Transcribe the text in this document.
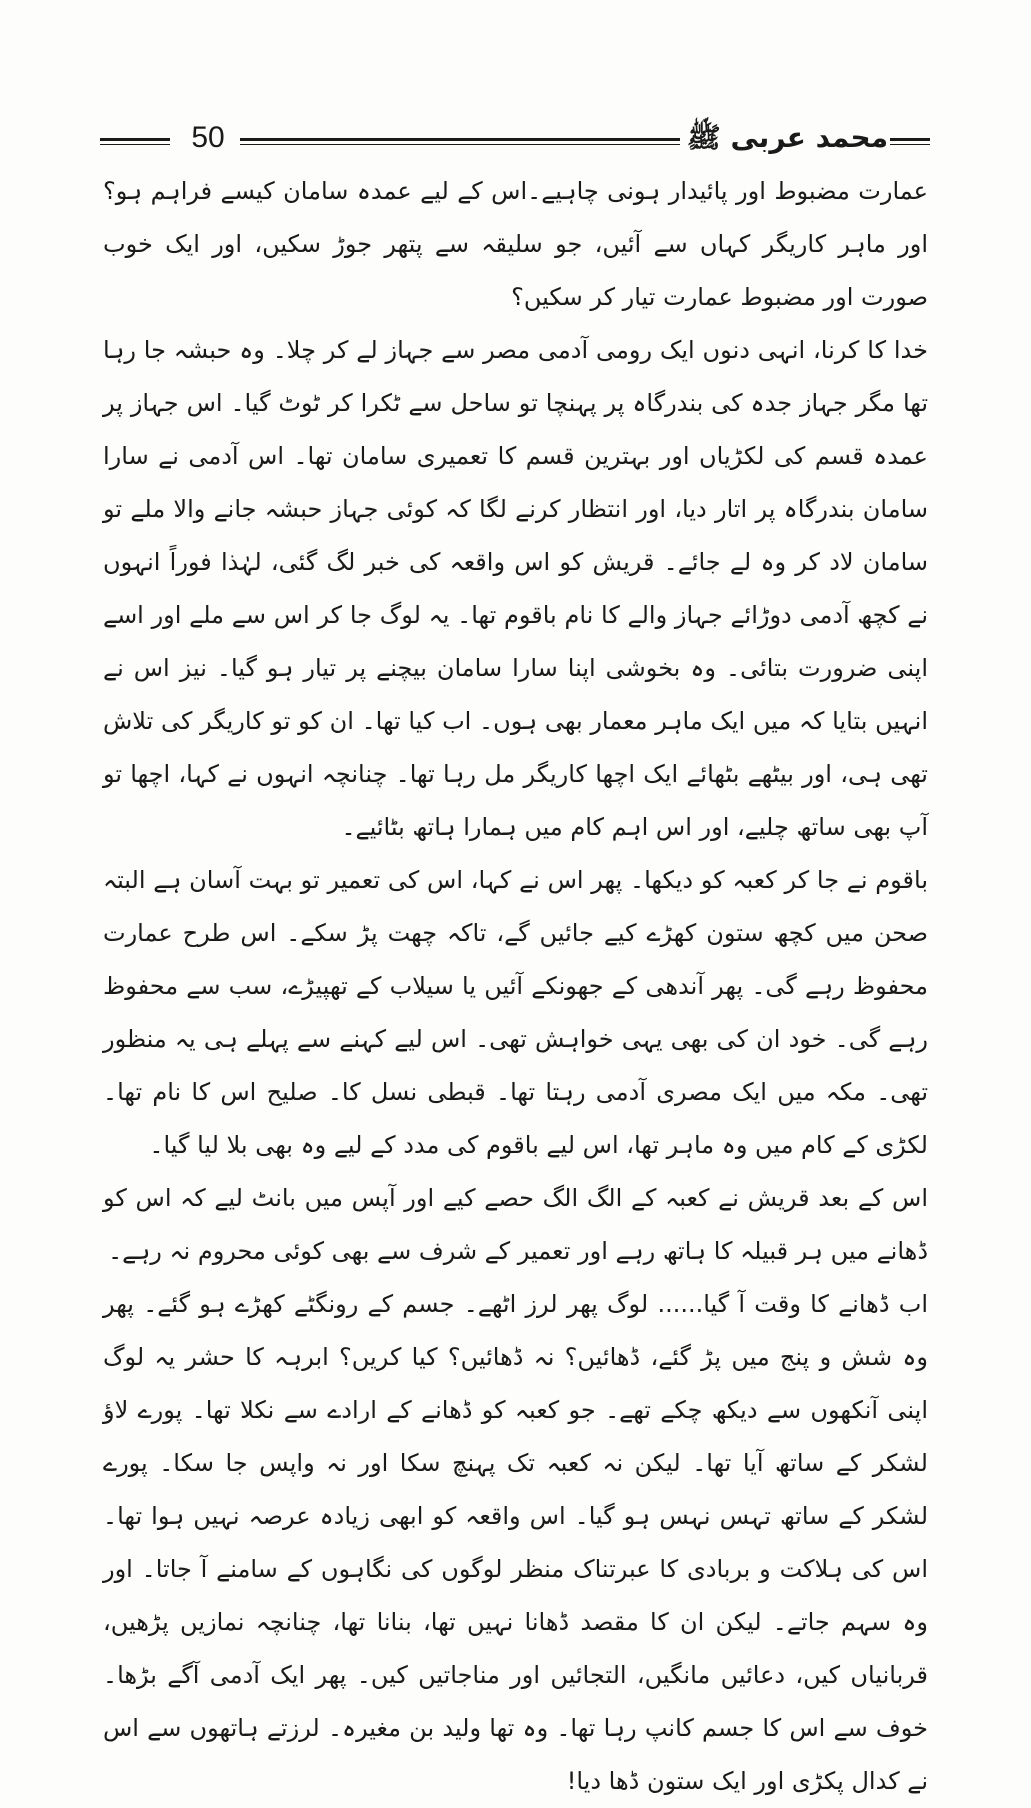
50	محمد عربی ﷺ

عمارت مضبوط اور پائیدار ہونی چاہیے۔اس کے لیے عمدہ سامان کیسے فراہم ہو؟ اور ماہر کاریگر کہاں سے آئیں، جو سلیقہ سے پتھر جوڑ سکیں، اور ایک خوب صورت اور مضبوط عمارت تیار کر سکیں؟

خدا کا کرنا، انہی دنوں ایک رومی آدمی مصر سے جہاز لے کر چلا۔ وہ حبشہ جا رہا تھا مگر جہاز جدہ کی بندرگاہ پر پہنچا تو ساحل سے ٹکرا کر ٹوٹ گیا۔ اس جہاز پر عمدہ قسم کی لکڑیاں اور بہترین قسم کا تعمیری سامان تھا۔ اس آدمی نے سارا سامان بندرگاہ پر اتار دیا، اور انتظار کرنے لگا کہ کوئی جہاز حبشہ جانے والا ملے تو سامان لاد کر وہ لے جائے۔ قریش کو اس واقعہ کی خبر لگ گئی، لہٰذا فوراً انہوں نے کچھ آدمی دوڑائے جہاز والے کا نام باقوم تھا۔ یہ لوگ جا کر اس سے ملے اور اسے اپنی ضرورت بتائی۔ وہ بخوشی اپنا سارا سامان بیچنے پر تیار ہو گیا۔ نیز اس نے انہیں بتایا کہ میں ایک ماہر معمار بھی ہوں۔ اب کیا تھا۔ ان کو تو کاریگر کی تلاش تھی ہی، اور بیٹھے بٹھائے ایک اچھا کاریگر مل رہا تھا۔ چنانچہ انہوں نے کہا، اچھا تو آپ بھی ساتھ چلیے، اور اس اہم کام میں ہمارا ہاتھ بٹائیے۔

باقوم نے جا کر کعبہ کو دیکھا۔ پھر اس نے کہا، اس کی تعمیر تو بہت آسان ہے البتہ صحن میں کچھ ستون کھڑے کیے جائیں گے، تاکہ چھت پڑ سکے۔ اس طرح عمارت محفوظ رہے گی۔ پھر آندھی کے جھونکے آئیں یا سیلاب کے تھپیڑے، سب سے محفوظ رہے گی۔ خود ان کی بھی یہی خواہش تھی۔ اس لیے کہنے سے پہلے ہی یہ منظور تھی۔ مکہ میں ایک مصری آدمی رہتا تھا۔ قبطی نسل کا۔ صلیح اس کا نام تھا۔ لکڑی کے کام میں وہ ماہر تھا، اس لیے باقوم کی مدد کے لیے وہ بھی بلا لیا گیا۔

اس کے بعد قریش نے کعبہ کے الگ الگ حصے کیے اور آپس میں بانٹ لیے کہ اس کو ڈھانے میں ہر قبیلہ کا ہاتھ رہے اور تعمیر کے شرف سے بھی کوئی محروم نہ رہے۔

اب ڈھانے کا وقت آ گیا...... لوگ پھر لرز اٹھے۔ جسم کے رونگٹے کھڑے ہو گئے۔ پھر وہ شش و پنج میں پڑ گئے، ڈھائیں؟ نہ ڈھائیں؟ کیا کریں؟ ابرہہ کا حشر یہ لوگ اپنی آنکھوں سے دیکھ چکے تھے۔ جو کعبہ کو ڈھانے کے ارادے سے نکلا تھا۔ پورے لاؤ لشکر کے ساتھ آیا تھا۔ لیکن نہ کعبہ تک پہنچ سکا اور نہ واپس جا سکا۔ پورے لشکر کے ساتھ تہس نہس ہو گیا۔ اس واقعہ کو ابھی زیادہ عرصہ نہیں ہوا تھا۔ اس کی ہلاکت و بربادی کا عبرتناک منظر لوگوں کی نگاہوں کے سامنے آ جاتا۔ اور وہ سہم جاتے۔ لیکن ان کا مقصد ڈھانا نہیں تھا، بنانا تھا، چنانچہ نمازیں پڑھیں، قربانیاں کیں، دعائیں مانگیں، التجائیں اور مناجاتیں کیں۔ پھر ایک آدمی آگے بڑھا۔ خوف سے اس کا جسم کانپ رہا تھا۔ وہ تھا ولید بن مغیرہ۔ لرزتے ہاتھوں سے اس نے کدال پکڑی اور ایک ستون ڈھا دیا!
